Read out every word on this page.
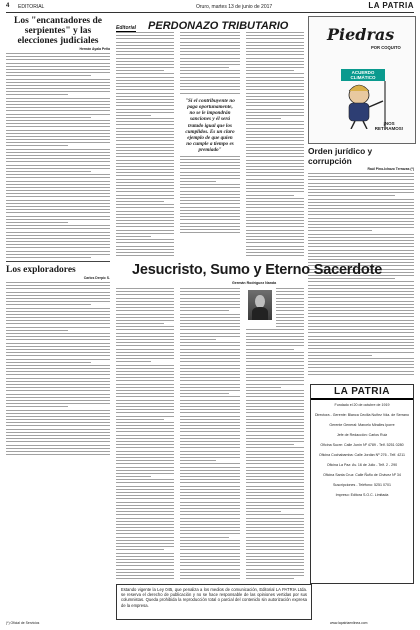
4 EDITORIAL	Oruro, martes 13 de junio de 2017	LA PATRIA
Los "encantadores de serpientes" y las elecciones judiciales
Hernán Ayala Peña
Los exploradores
Carlos Derpic S.
Editorial PERDONAZO TRIBUTARIO
"Si el contribuyente no paga oportunamente, no se le impondrán sanciones y él será tratado igual que los cumplidos. Es un claro ejemplo de que quien no cumple a tiempo es premiado"
Piedras
POR COQUITO
ACUERDO CLIMÁTICO
¡NOS RETIRAMOS!
Orden jurídico y corrupción
Raúl Pino-Ichazo Terrazas (*)
Jesucristo, Sumo y Eterno Sacerdote
Germán Rodríguez Nanda
LA PATRIA
Fundado el 20 de octubre de 1919
Directora - Gerente: Blanca Cecilia Nuñez Vda. de Serrano
Gerente General: Marcelo Miralles Iporre
Jefe de Redacción: Carlos Ruiz
Oficina Sucre: Calle Junín Nº 4789 - Telf. 5251 0280
Oficina Cochabamba: Calle Jordán Nº 276 - Telf. 4211
Oficina La Paz: Av. 16 de Julio - Telf. 2 - 290
Oficina Santa Cruz: Calle Ñuflo de Chávez Nº 34
Suscripciones - Teléfono: 5251 0701
Impreso: Editora S.O.C. Limitada
Estando vigente la Ley 045, que penaliza a los medios de comunicación, Editorial LA PATRIA Ltda. se reserva el derecho de publicación y no se hace responsable de las opiniones vertidas por sus columnistas. Queda prohibida la reproducción total o parcial del contenido sin autorización expresa de la empresa.
(*) Oficial de Servicios	www.lapatriaenlinea.com
